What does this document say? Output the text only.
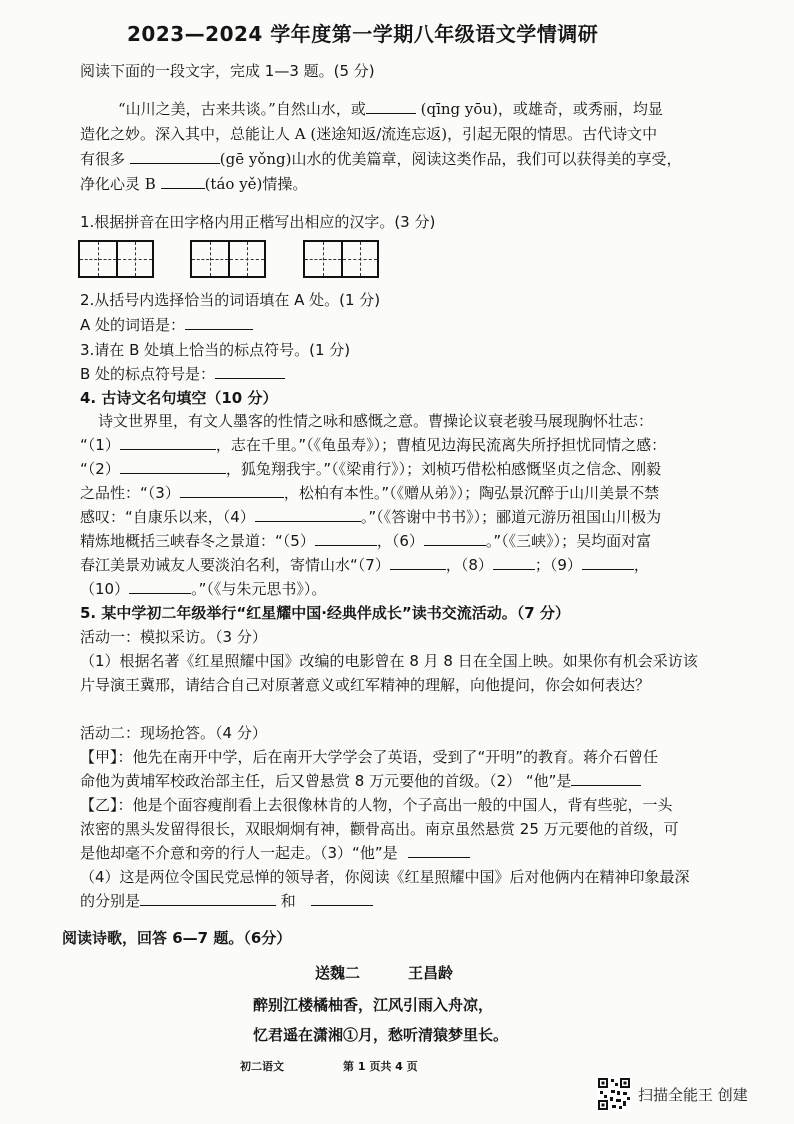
2023—2024 学年度第一学期八年级语文学情调研
阅读下面的一段文字，完成 1—3 题。(5 分)
“山川之美，古来共谈。”自然山水，或	(qīng yōu)，或雄奇，或秀丽，均显
造化之妙。深入其中，总能让人 A (迷途知返/流连忘返)，引起无限的情思。古代诗文中
有很多	(gē yǒng)山水的优美篇章，阅读这类作品，我们可以获得美的享受，
净化心灵 B	(táo yě)情操。
1.根据拼音在田字格内用正楷写出相应的汉字。(3 分)
2.从括号内选择恰当的词语填在 A 处。(1 分)
A 处的词语是：
3.请在 B 处填上恰当的标点符号。(1 分)
B 处的标点符号是：
4. 古诗文名句填空（10 分）
诗文世界里，有文人墨客的性情之咏和感慨之意。曹操论议衰老骏马展现胸怀壮志：
“（1）	，志在千里。”（《龟虽寿》）；曹植见边海民流离失所抒担忧同情之感：
“（2）	，狐兔翔我宇。”（《梁甫行》）；刘桢巧借松柏感慨坚贞之信念、刚毅
之品性：“（3）	，松柏有本性。”（《赠从弟》）；陶弘景沉醉于山川美景不禁
感叹：“自康乐以来，（4）	。”（《答谢中书书》）；郦道元游历祖国山川极为
精炼地概括三峡春冬之景道：“（5）	，（6）	。”（《三峡》）；吴均面对富
春江美景劝诫友人要淡泊名利，寄情山水“（7）	，（8）	；（9）	，
（10）	。”（《与朱元思书》）。
5. 某中学初二年级举行“红星耀中国·经典伴成长”读书交流活动。（7 分）
活动一：模拟采访。（3 分）
（1）根据名著《红星照耀中国》改编的电影曾在 8 月 8 日在全国上映。如果你有机会采访该
片导演王冀邢，请结合自己对原著意义或红军精神的理解，向他提问，你会如何表达？
活动二：现场抢答。（4 分）
【甲】：他先在南开中学，后在南开大学学会了英语，受到了“开明”的教育。蒋介石曾任
命他为黄埔军校政治部主任，后又曾悬赏 8 万元要他的首级。（2） “他”是
【乙】：他是个面容瘦削看上去很像林肯的人物，个子高出一般的中国人，背有些驼，一头
浓密的黑头发留得很长，双眼炯炯有神，颧骨高出。南京虽然悬赏 25 万元要他的首级，可
是他却毫不介意和旁的行人一起走。（3）“他”是
（4）这是两位令国民党忌惮的领导者，你阅读《红星照耀中国》后对他俩内在精神印象最深
的分别是	和
阅读诗歌，回答 6—7 题。（6分）
送魏二	王昌龄
醉别江楼橘柚香，江风引雨入舟凉，
忆君遥在潇湘①月，愁听清猿梦里长。
初二语文	第 1 页共 4 页
扫描全能王 创建
